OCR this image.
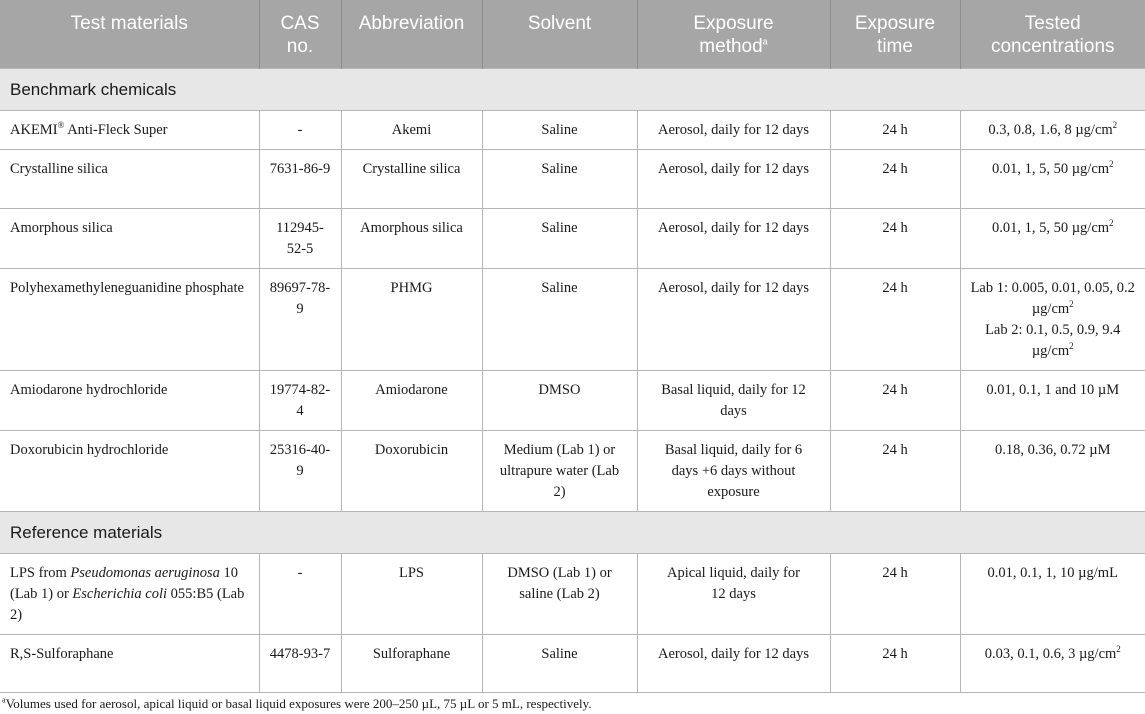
Test materials	CAS no.	Abbreviation	Solvent	Exposure method$^a$	Exposure time	Tested concentrations
Benchmark chemicals						
AKEMI® Anti-Fleck Super	-	Akemi	Saline	Aerosol, daily for 12 days	24 h	0.3, 0.8, 1.6, 8 $\mu g/cm^2$
Crystalline silica	7631-86-9	Crystalline silica	Saline	Aerosol, daily for 12 days	24 h	0.01, 1, 5, 50 $\mu g/cm^2$
Amorphous silica	112945-52-5	Amorphous silica	Saline	Aerosol, daily for 12 days	24 h	0.01, 1, 5, 50 $\mu g/cm^2$
Polyhexamethyleneguanidine phosphate	89697-78-9	PHMG	Saline	Aerosol, daily for 12 days	24 h	Lab 1: 0.005, 0.01, 0.05, 0.2 $\mu g/cm^2$
Lab 2: 0.1, 0.5, 0.9, 9.4 $\mu g/cm^2$

Amiodarone hydrochloride	19774-82-4	Amiodarone	DMSO	Basal liquid, daily for 12 days	24 h	0.01, 0.1, 1 and 10 µM
Doxorubicin hydrochloride	25316-40-9	Doxorubicin	Medium (Lab 1) or ultrapure water (Lab 2)	Basal liquid, daily for 6 days +6 days without exposure	24 h	0.18, 0.36, 0.72 µM
Reference materials						
LPS from Pseudomonas aeruginosa 10 (Lab 1) or Escherichia coli 055:B5 (Lab 2)	-	LPS	DMSO (Lab 1) or saline (Lab 2)	Apical liquid, daily for 12 days	24 h	0.01, 0.1, 1, 10 µg/mL
R,S-Sulforaphane	4478-93-7	Sulforaphane	Saline	Aerosol, daily for 12 days	24 h	0.03, 0.1, 0.6, 3 $\mu g/cm^2$
$^a$Volumes used for aerosol, apical liquid or basal liquid exposures were 200–250 µL, 75 µL or 5 mL, respectively.
